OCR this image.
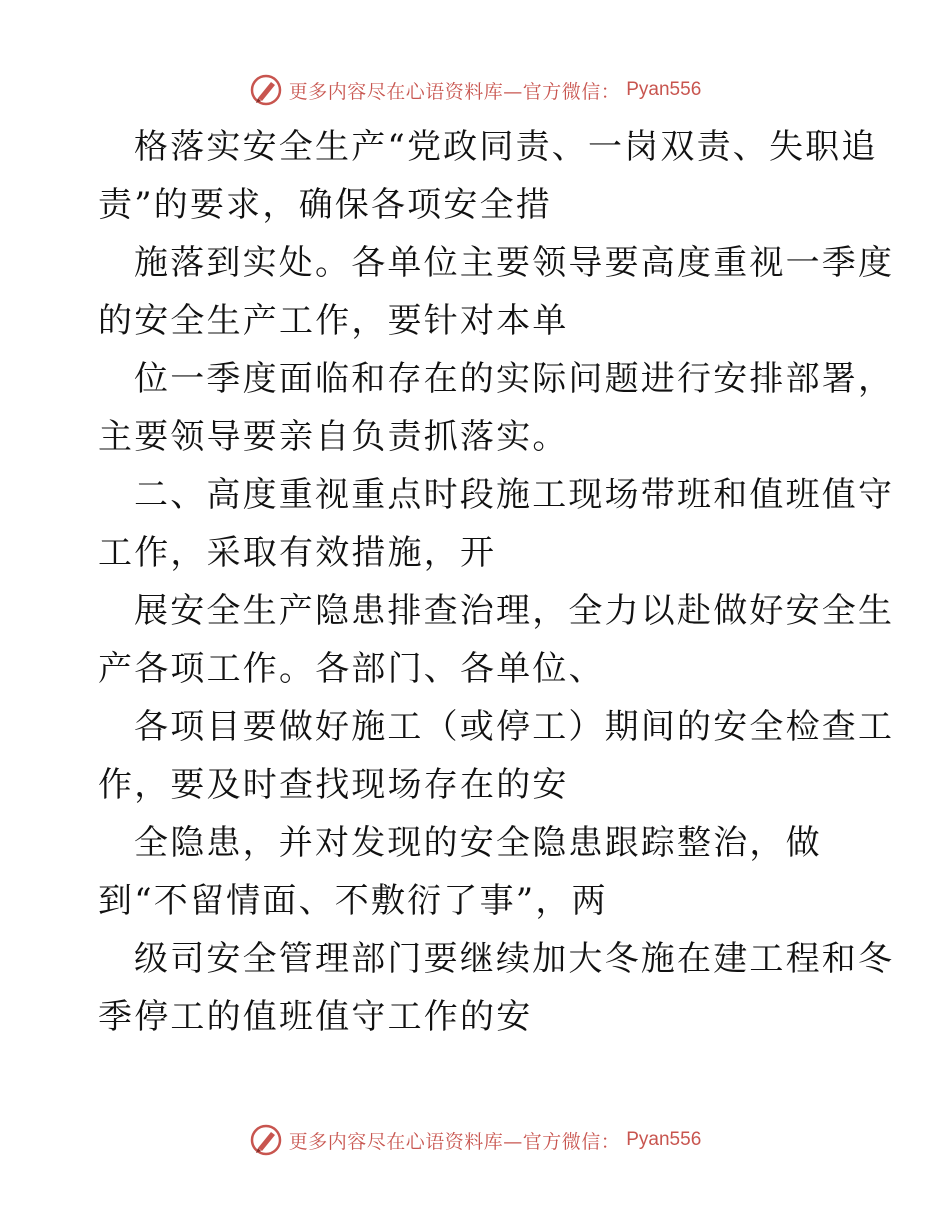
更多内容尽在心语资料库—官方微信： Pyan556
格落实安全生产“党政同责、一岗双责、失职追
责”的要求，确保各项安全措
施落到实处。各单位主要领导要高度重视一季度
的安全生产工作，要针对本单
位一季度面临和存在的实际问题进行安排部署，
主要领导要亲自负责抓落实。
二、高度重视重点时段施工现场带班和值班值守
工作，采取有效措施，开
展安全生产隐患排查治理，全力以赴做好安全生
产各项工作。各部门、各单位、
各项目要做好施工（或停工）期间的安全检查工
作，要及时查找现场存在的安
全隐患，并对发现的安全隐患跟踪整治，做
到“不留情面、不敷衍了事”，两
级司安全管理部门要继续加大冬施在建工程和冬
季停工的值班值守工作的安
更多内容尽在心语资料库—官方微信： Pyan556
